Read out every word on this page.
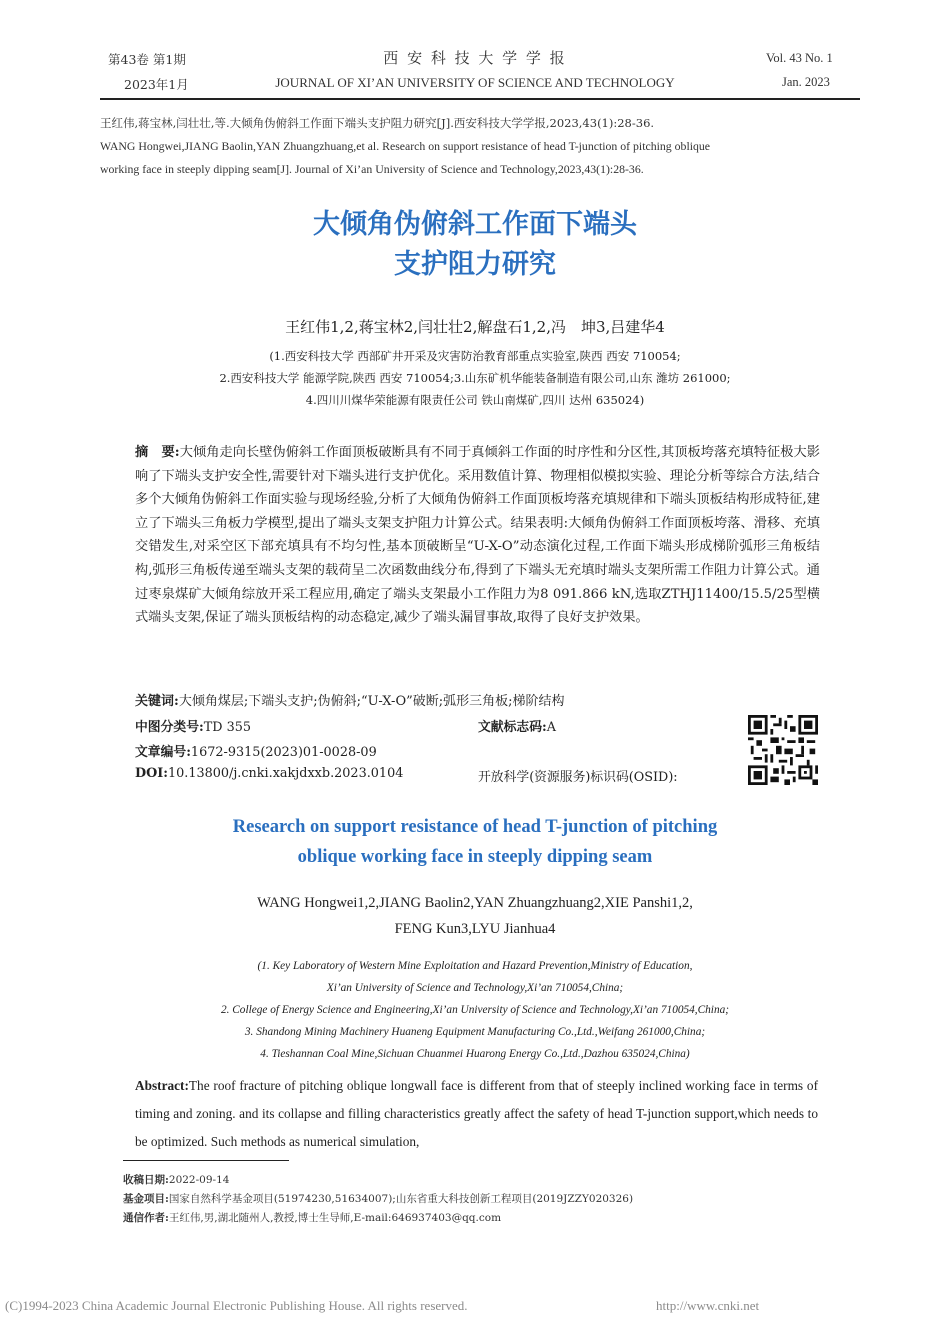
第43卷 第1期
2023年1月
西 安 科 技 大 学 学 报
JOURNAL OF XI’AN UNIVERSITY OF SCIENCE AND TECHNOLOGY
Vol. 43 No. 1
Jan. 2023
王红伟,蒋宝林,闫壮壮,等.大倾角伪俯斜工作面下端头支护阻力研究[J].西安科技大学学报,2023,43(1):28-36.
WANG Hongwei,JIANG Baolin,YAN Zhuangzhuang,et al. Research on support resistance of head T-junction of pitching oblique
working face in steeply dipping seam[J]. Journal of Xi’an University of Science and Technology,2023,43(1):28-36.
大倾角伪俯斜工作面下端头
支护阻力研究
王红伟1,2,蒋宝林2,闫壮壮2,解盘石1,2,冯　坤3,吕建华4
(1.西安科技大学 西部矿井开采及灾害防治教育部重点实验室,陕西 西安 710054;
2.西安科技大学 能源学院,陕西 西安 710054;3.山东矿机华能装备制造有限公司,山东 潍坊 261000;
4.四川川煤华荣能源有限责任公司 铁山南煤矿,四川 达州 635024)
摘　要:大倾角走向长壁伪俯斜工作面顶板破断具有不同于真倾斜工作面的时序性和分区性,其顶板垮落充填特征极大影响了下端头支护安全性,需要针对下端头进行支护优化。采用数值计算、物理相似模拟实验、理论分析等综合方法,结合多个大倾角伪俯斜工作面实验与现场经验,分析了大倾角伪俯斜工作面顶板垮落充填规律和下端头顶板结构形成特征,建立了下端头三角板力学模型,提出了端头支架支护阻力计算公式。结果表明:大倾角伪俯斜工作面顶板垮落、滑移、充填交错发生,对采空区下部充填具有不均匀性,基本顶破断呈“U-X-O”动态演化过程,工作面下端头形成梯阶弧形三角板结构,弧形三角板传递至端头支架的载荷呈二次函数曲线分布,得到了下端头无充填时端头支架所需工作阻力计算公式。通过枣泉煤矿大倾角综放开采工程应用,确定了端头支架最小工作阻力为8 091.866 kN,选取ZTHJ11400/15.5/25型横式端头支架,保证了端头顶板结构的动态稳定,减少了端头漏冒事故,取得了良好支护效果。
关键词:大倾角煤层;下端头支护;伪俯斜;“U-X-O”破断;弧形三角板;梯阶结构
中图分类号:TD 355	文献标志码:A
文章编号:1672-9315(2023)01-0028-09
DOI:10.13800/j.cnki.xakjdxxb.2023.0104	开放科学(资源服务)标识码(OSID):
Research on support resistance of head T-junction of pitching
oblique working face in steeply dipping seam
WANG Hongwei1,2,JIANG Baolin2,YAN Zhuangzhuang2,XIE Panshi1,2,
FENG Kun3,LYU Jianhua4
(1. Key Laboratory of Western Mine Exploitation and Hazard Prevention,Ministry of Education,
Xi’an University of Science and Technology,Xi’an 710054,China;
2. College of Energy Science and Engineering,Xi’an University of Science and Technology,Xi’an 710054,China;
3. Shandong Mining Machinery Huaneng Equipment Manufacturing Co.,Ltd.,Weifang 261000,China;
4. Tieshannan Coal Mine,Sichuan Chuanmei Huarong Energy Co.,Ltd.,Dazhou 635024,China)
Abstract:The roof fracture of pitching oblique longwall face is different from that of steeply inclined working face in terms of timing and zoning. and its collapse and filling characteristics greatly affect the safety of head T-junction support,which needs to be optimized. Such methods as numerical simulation,
收稿日期:2022-09-14
基金项目:国家自然科学基金项目(51974230,51634007);山东省重大科技创新工程项目(2019JZZY020326)
通信作者:王红伟,男,湖北随州人,教授,博士生导师,E-mail:646937403@qq.com
(C)1994-2023 China Academic Journal Electronic Publishing House. All rights reserved.	http://www.cnki.net
